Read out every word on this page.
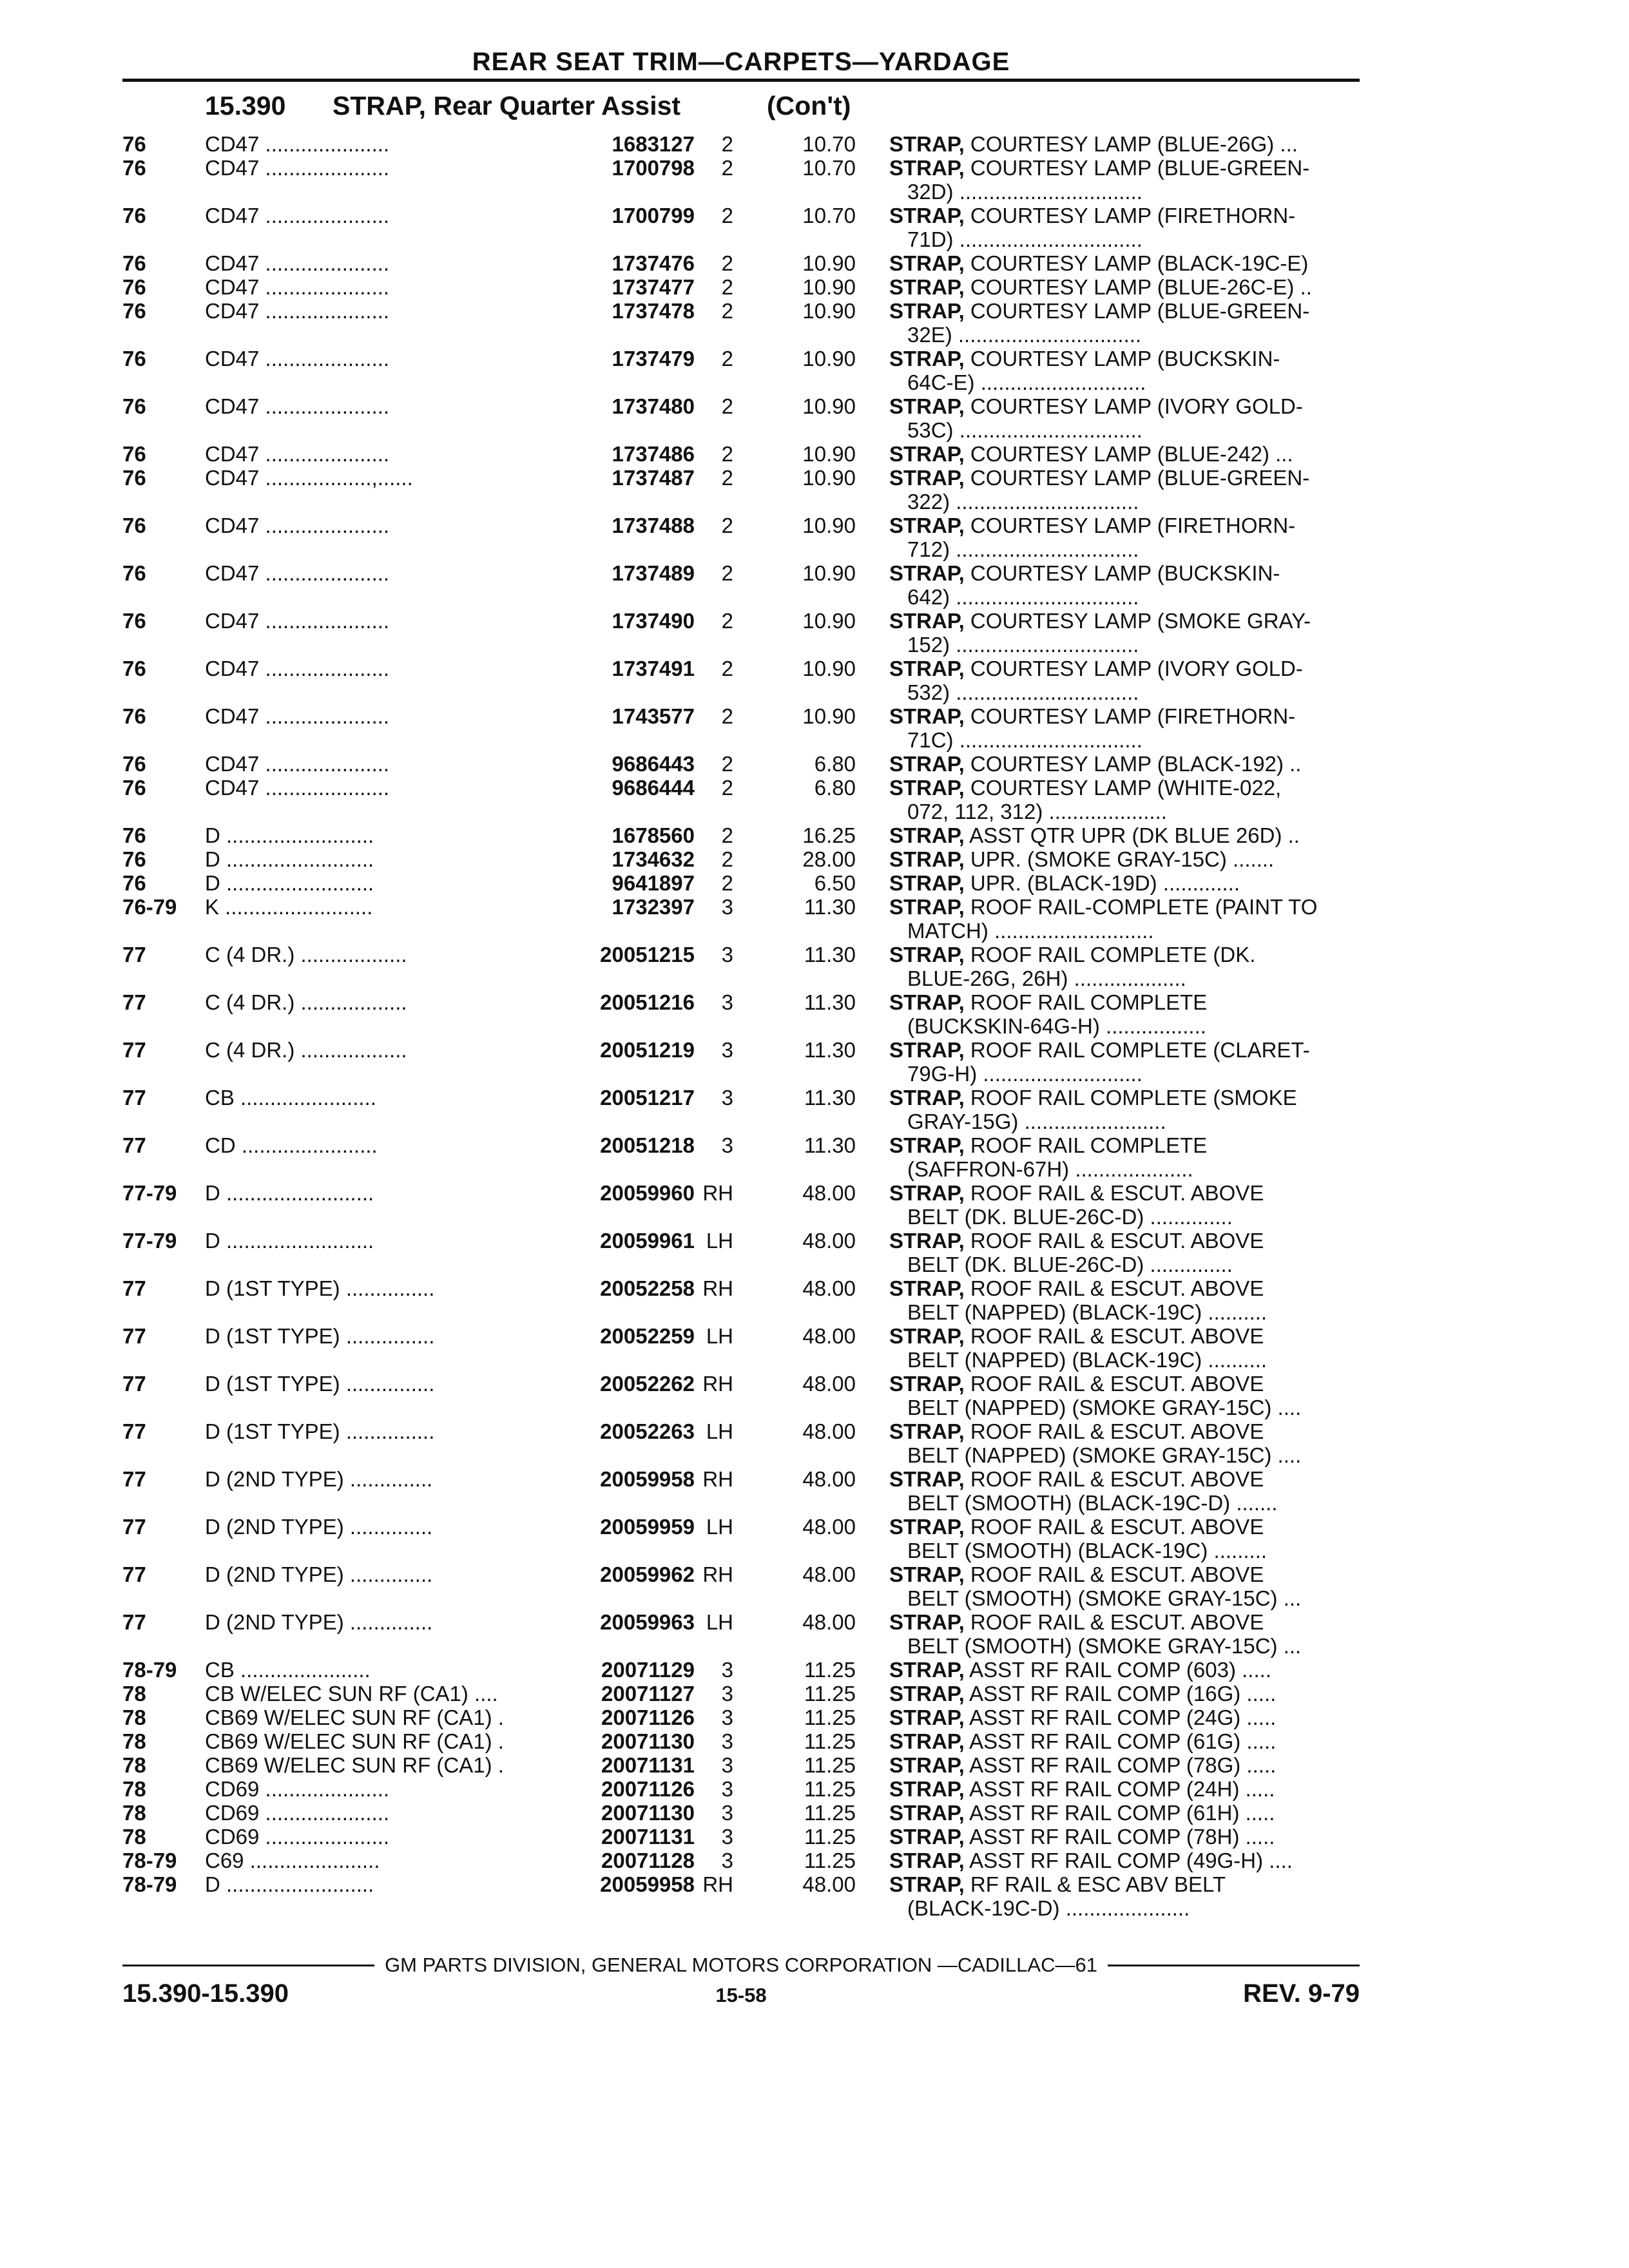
REAR SEAT TRIM—CARPETS—YARDAGE
15.390	STRAP, Rear Quarter Assist	(Con't)
76	CD47 .....................	1683127	2	10.70 STRAP, COURTESY LAMP (BLUE-26G) ...
76	CD47 .....................	1700798	2	10.70 STRAP, COURTESY LAMP (BLUE-GREEN-
32D) ...............................
76	CD47 .....................	1700799	2	10.70 STRAP, COURTESY LAMP (FIRETHORN-
71D) ...............................
76	CD47 .....................	1737476	2	10.90 STRAP, COURTESY LAMP (BLACK-19C-E)
76	CD47 .....................	1737477	2	10.90 STRAP, COURTESY LAMP (BLUE-26C-E) ..
76	CD47 .....................	1737478	2	10.90 STRAP, COURTESY LAMP (BLUE-GREEN-
32E) ...............................
76	CD47 .....................	1737479	2	10.90 STRAP, COURTESY LAMP (BUCKSKIN-
64C-E) ............................
76	CD47 .....................	1737480	2	10.90 STRAP, COURTESY LAMP (IVORY GOLD-
53C) ...............................
76	CD47 .....................	1737486	2	10.90 STRAP, COURTESY LAMP (BLUE-242) ...
76	CD47 ..................,......	1737487	2	10.90 STRAP, COURTESY LAMP (BLUE-GREEN-
322) ...............................
76	CD47 .....................	1737488	2	10.90 STRAP, COURTESY LAMP (FIRETHORN-
712) ...............................
76	CD47 .....................	1737489	2	10.90 STRAP, COURTESY LAMP (BUCKSKIN-
642) ...............................
76	CD47 .....................	1737490	2	10.90 STRAP, COURTESY LAMP (SMOKE GRAY-
152) ...............................
76	CD47 .....................	1737491	2	10.90 STRAP, COURTESY LAMP (IVORY GOLD-
532) ...............................
76	CD47 .....................	1743577	2	10.90 STRAP, COURTESY LAMP (FIRETHORN-
71C) ...............................
76	CD47 .....................	9686443	2	6.80 STRAP, COURTESY LAMP (BLACK-192) ..
76	CD47 .....................	9686444	2	6.80 STRAP, COURTESY LAMP (WHITE-022,
072, 112, 312) ....................
76	D .........................	1678560	2	16.25 STRAP, ASST QTR UPR (DK BLUE 26D) ..
76	D .........................	1734632	2	28.00 STRAP, UPR. (SMOKE GRAY-15C) .......
76	D .........................	9641897	2	6.50 STRAP, UPR. (BLACK-19D) .............
76-79	K .........................	1732397	3	11.30 STRAP, ROOF RAIL-COMPLETE (PAINT TO
MATCH) ...........................
77	C (4 DR.) ..................	20051215	3	11.30 STRAP, ROOF RAIL COMPLETE (DK.
BLUE-26G, 26H) ...................
77	C (4 DR.) ..................	20051216	3	11.30 STRAP, ROOF RAIL COMPLETE
(BUCKSKIN-64G-H) .................
77	C (4 DR.) ..................	20051219	3	11.30 STRAP, ROOF RAIL COMPLETE (CLARET-
79G-H) ...........................
77	CB .......................	20051217	3	11.30 STRAP, ROOF RAIL COMPLETE (SMOKE
GRAY-15G) ........................
77	CD .......................	20051218	3	11.30 STRAP, ROOF RAIL COMPLETE
(SAFFRON-67H) ....................
77-79	D .........................	20059960 RH	48.00 STRAP, ROOF RAIL & ESCUT. ABOVE
BELT (DK. BLUE-26C-D) ..............
77-79	D .........................	20059961 LH	48.00 STRAP, ROOF RAIL & ESCUT. ABOVE
BELT (DK. BLUE-26C-D) ..............
77	D (1ST TYPE) ...............	20052258 RH	48.00 STRAP, ROOF RAIL & ESCUT. ABOVE
BELT (NAPPED) (BLACK-19C) ..........
77	D (1ST TYPE) ...............	20052259 LH	48.00 STRAP, ROOF RAIL & ESCUT. ABOVE
BELT (NAPPED) (BLACK-19C) ..........
77	D (1ST TYPE) ...............	20052262 RH	48.00 STRAP, ROOF RAIL & ESCUT. ABOVE
BELT (NAPPED) (SMOKE GRAY-15C) ....
77	D (1ST TYPE) ...............	20052263 LH	48.00 STRAP, ROOF RAIL & ESCUT. ABOVE
BELT (NAPPED) (SMOKE GRAY-15C) ....
77	D (2ND TYPE) ..............	20059958 RH	48.00 STRAP, ROOF RAIL & ESCUT. ABOVE
BELT (SMOOTH) (BLACK-19C-D) .......
77	D (2ND TYPE) ..............	20059959 LH	48.00 STRAP, ROOF RAIL & ESCUT. ABOVE
BELT (SMOOTH) (BLACK-19C) .........
77	D (2ND TYPE) ..............	20059962 RH	48.00 STRAP, ROOF RAIL & ESCUT. ABOVE
BELT (SMOOTH) (SMOKE GRAY-15C) ...
77	D (2ND TYPE) ..............	20059963 LH	48.00 STRAP, ROOF RAIL & ESCUT. ABOVE
BELT (SMOOTH) (SMOKE GRAY-15C) ...
78-79	CB ......................	20071129	3	11.25 STRAP, ASST RF RAIL COMP (603) .....
78	CB W/ELEC SUN RF (CA1) ....	20071127	3	11.25 STRAP, ASST RF RAIL COMP (16G) .....
78	CB69 W/ELEC SUN RF (CA1) .	20071126	3	11.25 STRAP, ASST RF RAIL COMP (24G) .....
78	CB69 W/ELEC SUN RF (CA1) .	20071130	3	11.25 STRAP, ASST RF RAIL COMP (61G) .....
78	CB69 W/ELEC SUN RF (CA1) .	20071131	3	11.25 STRAP, ASST RF RAIL COMP (78G) .....
78	CD69 .....................	20071126	3	11.25 STRAP, ASST RF RAIL COMP (24H) .....
78	CD69 .....................	20071130	3	11.25 STRAP, ASST RF RAIL COMP (61H) .....
78	CD69 .....................	20071131	3	11.25 STRAP, ASST RF RAIL COMP (78H) .....
78-79	C69 ......................	20071128	3	11.25 STRAP, ASST RF RAIL COMP (49G-H) ....
78-79	D .........................	20059958 RH	48.00 STRAP, RF RAIL & ESC ABV BELT
(BLACK-19C-D) .....................
GM PARTS DIVISION, GENERAL MOTORS CORPORATION —CADILLAC—61
15.390-15.390	15-58	REV. 9-79
